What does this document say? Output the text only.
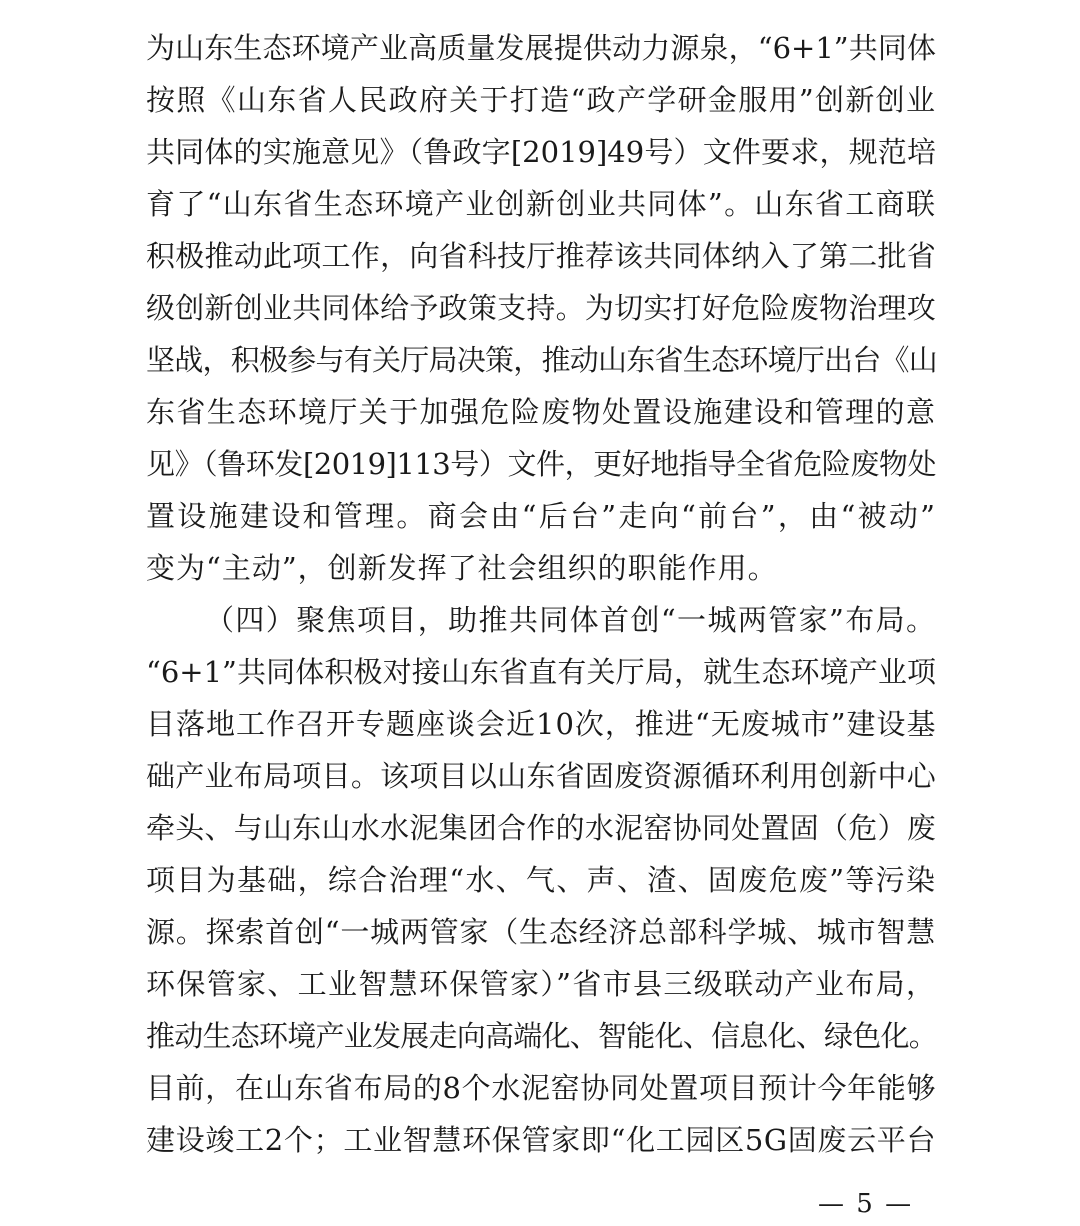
为山东生态环境产业高质量发展提供动力源泉，“6+1”共同体
按照《山东省人民政府关于打造“政产学研金服用”创新创业
共同体的实施意见》（鲁政字[2019]49号）文件要求，规范培
育了“山东省生态环境产业创新创业共同体”。山东省工商联
积极推动此项工作，向省科技厅推荐该共同体纳入了第二批省
级创新创业共同体给予政策支持。为切实打好危险废物治理攻
坚战，积极参与有关厅局决策，推动山东省生态环境厅出台《山
东省生态环境厅关于加强危险废物处置设施建设和管理的意
见》（鲁环发[2019]113号）文件，更好地指导全省危险废物处
置设施建设和管理。商会由“后台”走向“前台”，由“被动”
变为“主动”，创新发挥了社会组织的职能作用。
（四）聚焦项目，助推共同体首创“一城两管家”布局。
“6+1”共同体积极对接山东省直有关厅局，就生态环境产业项
目落地工作召开专题座谈会近10次，推进“无废城市”建设基
础产业布局项目。该项目以山东省固废资源循环利用创新中心
牵头、与山东山水水泥集团合作的水泥窑协同处置固（危）废
项目为基础，综合治理“水、气、声、渣、固废危废”等污染
源。探索首创“一城两管家（生态经济总部科学城、城市智慧
环保管家、工业智慧环保管家）”省市县三级联动产业布局，
推动生态环境产业发展走向高端化、智能化、信息化、绿色化。
目前，在山东省布局的8个水泥窑协同处置项目预计今年能够
建设竣工2个；工业智慧环保管家即“化工园区5G固废云平台
— 5 —
